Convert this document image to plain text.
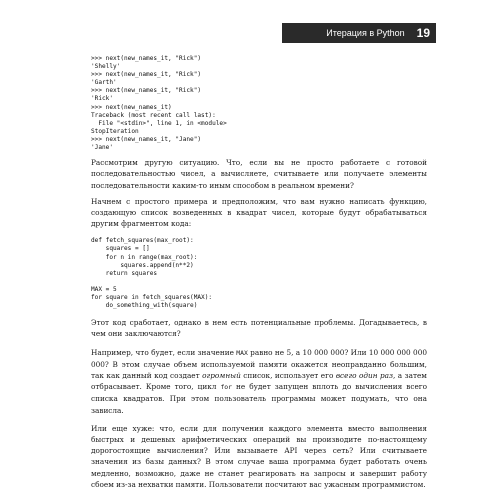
Итерация в Python	19
>>> next(new_names_it, "Rick")
'Shelly'
>>> next(new_names_it, "Rick")
'Garth'
>>> next(new_names_it, "Rick")
'Rick'
>>> next(new_names_it)
Traceback (most recent call last):
File "<stdin>", line 1, in <module>
StopIteration
>>> next(new_names_it, "Jane")
'Jane'

Рассмотрим другую ситуацию. Что, если вы не просто работаете с готовой последовательностью чисел, а вычисляете, считываете или получаете элементы последовательности каким-то иным способом в реальном времени?

Начнем с простого примера и предположим, что вам нужно написать функцию, создающую список возведенных в квадрат чисел, которые будут обрабатываться другим фрагментом кода:

def fetch_squares(max_root):
squares = []
for n in range(max_root):
squares.append(n**2)
return squares

MAX = 5
for square in fetch_squares(MAX):
do_something_with(square)

Этот код сработает, однако в нем есть потенциальные проблемы. Догадываетесь, в чем они заключаются?

Например, что будет, если значение MAX равно не 5, а 10 000 000? Или 10 000 000 000 000? В этом случае объем используемой памяти окажется неоправданно большим, так как данный код создает огромный список, использует его всего один раз, а затем отбрасывает. Кроме того, цикл for не будет запущен вплоть до вычисления всего списка квадратов. При этом пользователь программы может подумать, что она зависла.

Или еще хуже: что, если для получения каждого элемента вместо выполнения быстрых и дешевых арифметических операций вы производите по-настоящему дорогостоящие вычисления? Или вызываете API через сеть? Или считываете значения из базы данных? В этом случае ваша программа будет работать очень медленно, возможно, даже не станет реагировать на запросы и завершит работу сбоем из-за нехватки памяти. Пользователи посчитают вас ужасным программистом.
